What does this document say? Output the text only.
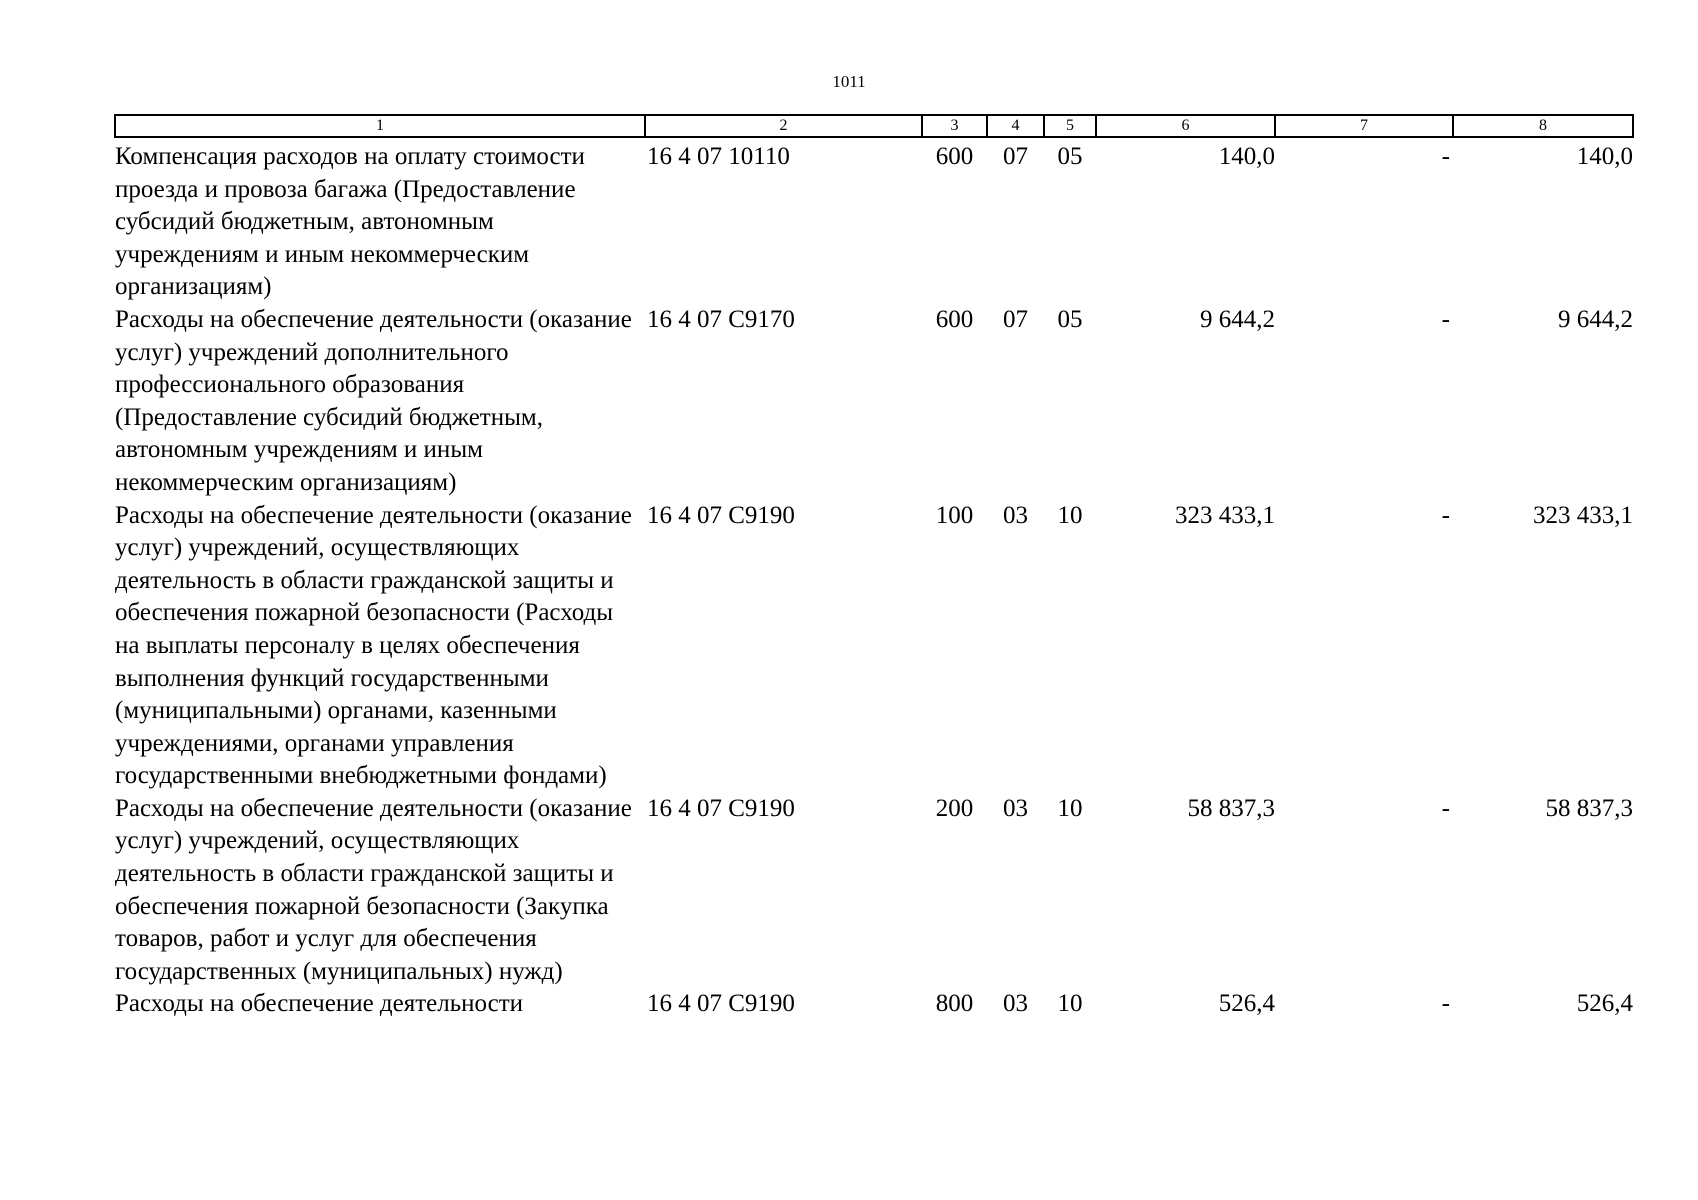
1011
1	2	3	4	5	6	7	8
Компенсация расходов на оплату стоимости проезда и провоза багажа (Предоставление субсидий бюджетным, автономным учреждениям и иным некоммерческим организациям)	16 4 07 10110	600	07	05	140,0	-	140,0
Расходы на обеспечение деятельности (оказание услуг) учреждений дополнительного профессионального образования (Предоставление субсидий бюджетным, автономным учреждениям и иным некоммерческим организациям)	16 4 07 С9170	600	07	05	9 644,2	-	9 644,2
Расходы на обеспечение деятельности (оказание услуг) учреждений, осуществляющих деятельность в области гражданской защиты и обеспечения пожарной безопасности (Расходы на выплаты персоналу в целях обеспечения выполнения функций государственными (муниципальными) органами, казенными учреждениями, органами управления государственными внебюджетными фондами)	16 4 07 С9190	100	03	10	323 433,1	-	323 433,1
Расходы на обеспечение деятельности (оказание услуг) учреждений, осуществляющих деятельность в области гражданской защиты и обеспечения пожарной безопасности (Закупка товаров, работ и услуг для обеспечения государственных (муниципальных) нужд)	16 4 07 С9190	200	03	10	58 837,3	-	58 837,3
Расходы на обеспечение деятельности	16 4 07 С9190	800	03	10	526,4	-	526,4
